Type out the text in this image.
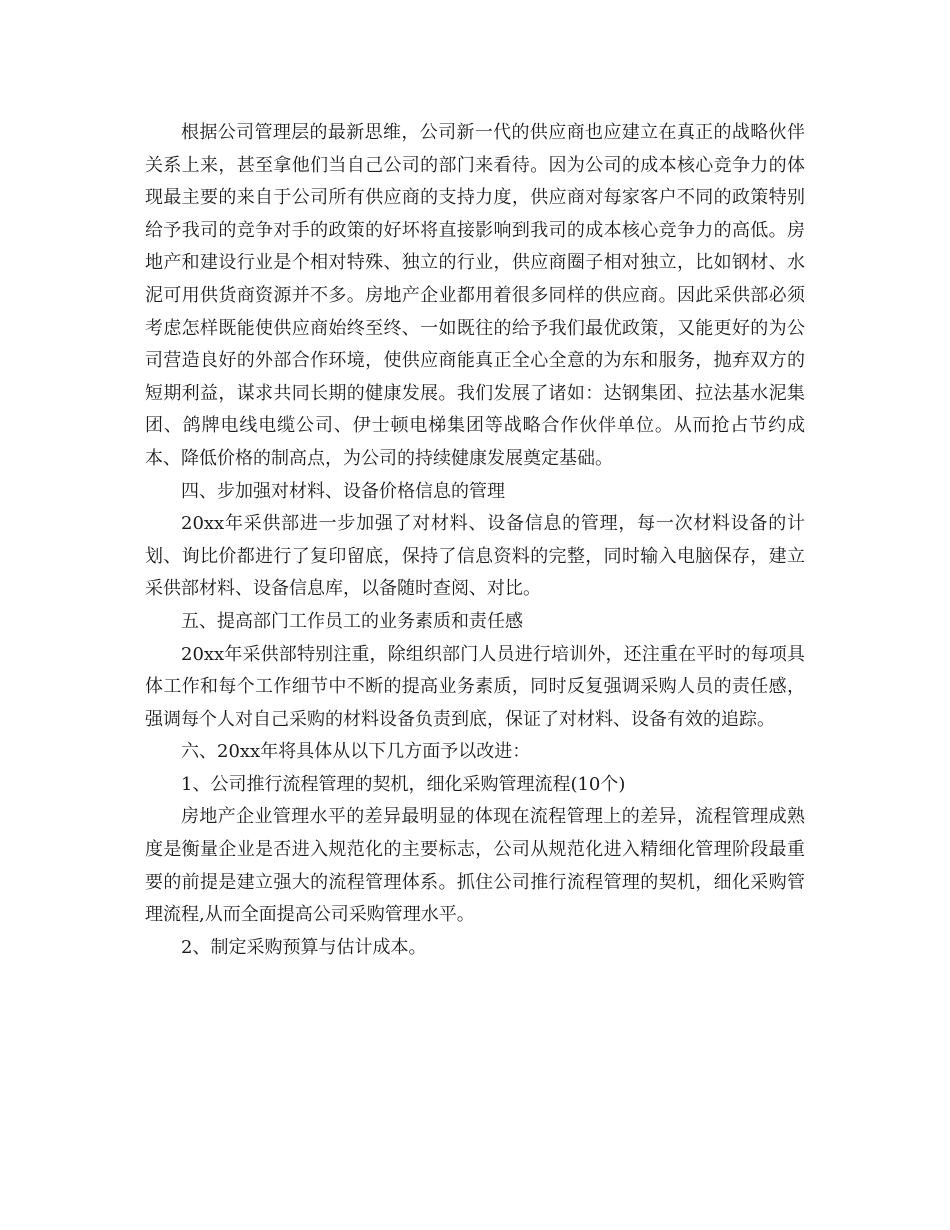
根据公司管理层的最新思维，公司新一代的供应商也应建立在真正的战略伙伴关系上来，甚至拿他们当自己公司的部门来看待。因为公司的成本核心竞争力的体现最主要的来自于公司所有供应商的支持力度，供应商对每家客户不同的政策特别给予我司的竞争对手的政策的好坏将直接影响到我司的成本核心竞争力的高低。房地产和建设行业是个相对特殊、独立的行业，供应商圈子相对独立，比如钢材、水泥可用供货商资源并不多。房地产企业都用着很多同样的供应商。因此采供部必须考虑怎样既能使供应商始终至终、一如既往的给予我们最优政策，又能更好的为公司营造良好的外部合作环境，使供应商能真正全心全意的为东和服务，抛弃双方的短期利益，谋求共同长期的健康发展。我们发展了诸如：达钢集团、拉法基水泥集团、鸽牌电线电缆公司、伊士顿电梯集团等战略合作伙伴单位。从而抢占节约成本、降低价格的制高点，为公司的持续健康发展奠定基础。

四、步加强对材料、设备价格信息的管理

20xx年采供部进一步加强了对材料、设备信息的管理，每一次材料设备的计划、询比价都进行了复印留底，保持了信息资料的完整，同时输入电脑保存，建立采供部材料、设备信息库，以备随时查阅、对比。

五、提高部门工作员工的业务素质和责任感

20xx年采供部特别注重，除组织部门人员进行培训外，还注重在平时的每项具体工作和每个工作细节中不断的提高业务素质，同时反复强调采购人员的责任感，强调每个人对自己采购的材料设备负责到底，保证了对材料、设备有效的追踪。

六、20xx年将具体从以下几方面予以改进：

1、公司推行流程管理的契机，细化采购管理流程(10个)

房地产企业管理水平的差异最明显的体现在流程管理上的差异，流程管理成熟度是衡量企业是否进入规范化的主要标志，公司从规范化进入精细化管理阶段最重要的前提是建立强大的流程管理体系。抓住公司推行流程管理的契机，细化采购管理流程,从而全面提高公司采购管理水平。

2、制定采购预算与估计成本。
